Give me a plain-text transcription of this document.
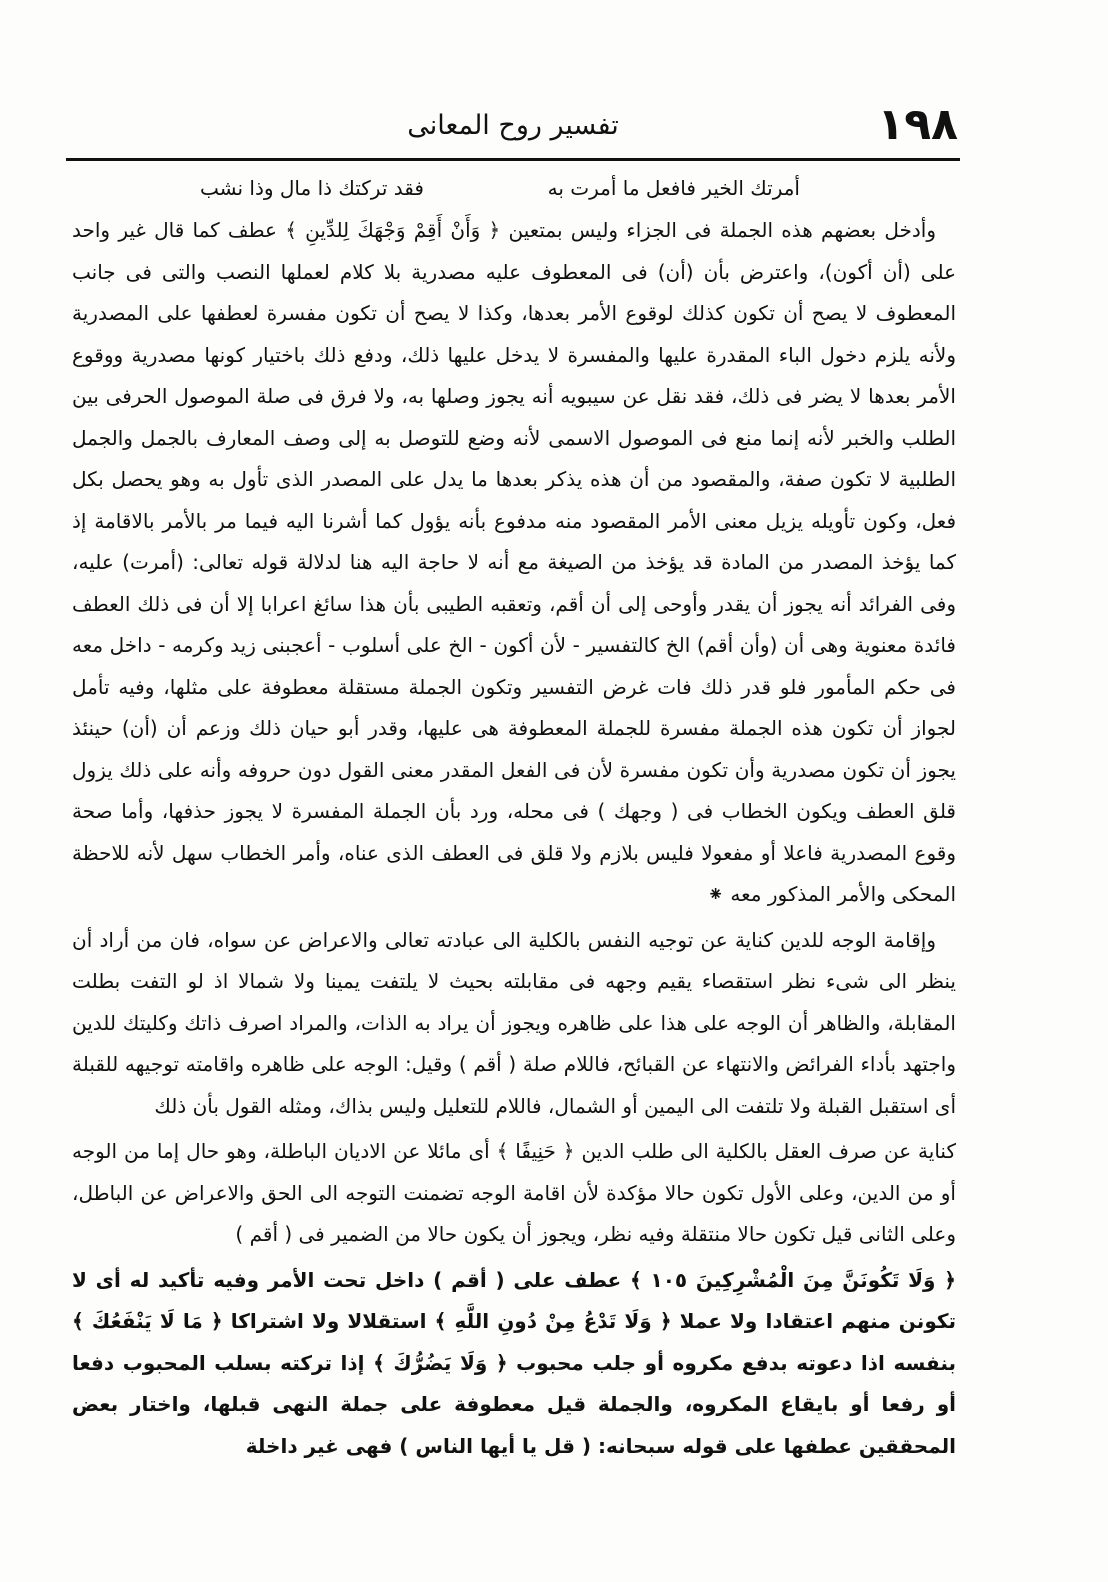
١٩٨
تفسير روح المعانى
أمرتك الخير فافعل ما أمرت به
فقد تركتك ذا مال وذا نشب

وأدخل بعضهم هذه الجملة فى الجزاء وليس بمتعين ﴿ وَأَنْ أَقِمْ وَجْهَكَ لِلدِّينِ ﴾ عطف كما قال غير واحد على (أن أكون)، واعترض بأن (أن) فى المعطوف عليه مصدرية بلا كلام لعملها النصب والتى فى جانب المعطوف لا يصح أن تكون كذلك لوقوع الأمر بعدها، وكذا لا يصح أن تكون مفسرة لعطفها على المصدرية ولأنه يلزم دخول الباء المقدرة عليها والمفسرة لا يدخل عليها ذلك، ودفع ذلك باختيار كونها مصدرية ووقوع الأمر بعدها لا يضر فى ذلك، فقد نقل عن سيبويه أنه يجوز وصلها به، ولا فرق فى صلة الموصول الحرفى بين الطلب والخبر لأنه إنما منع فى الموصول الاسمى لأنه وضع للتوصل به إلى وصف المعارف بالجمل والجمل الطلبية لا تكون صفة، والمقصود من أن هذه يذكر بعدها ما يدل على المصدر الذى تأول به وهو يحصل بكل فعل، وكون تأويله يزيل معنى الأمر المقصود منه مدفوع بأنه يؤول كما أشرنا اليه فيما مر بالأمر بالاقامة إذ كما يؤخذ المصدر من المادة قد يؤخذ من الصيغة مع أنه لا حاجة اليه هنا لدلالة قوله تعالى: (أمرت) عليه، وفى الفرائد أنه يجوز أن يقدر وأوحى إلى أن أقم، وتعقبه الطيبى بأن هذا سائغ اعرابا إلا أن فى ذلك العطف فائدة معنوية وهى أن (وأن أقم) الخ كالتفسير - لأن أكون - الخ على أسلوب - أعجبنى زيد وكرمه - داخل معه فى حكم المأمور فلو قدر ذلك فات غرض التفسير وتكون الجملة مستقلة معطوفة على مثلها، وفيه تأمل لجواز أن تكون هذه الجملة مفسرة للجملة المعطوفة هى عليها، وقدر أبو حيان ذلك وزعم أن (أن) حينئذ يجوز أن تكون مصدرية وأن تكون مفسرة لأن فى الفعل المقدر معنى القول دون حروفه وأنه على ذلك يزول قلق العطف ويكون الخطاب فى ( وجهك ) فى محله، ورد بأن الجملة المفسرة لا يجوز حذفها، وأما صحة وقوع المصدرية فاعلا أو مفعولا فليس بلازم ولا قلق فى العطف الذى عناه، وأمر الخطاب سهل لأنه للاحظة المحكى والأمر المذكور معه ⁕

وإقامة الوجه للدين كناية عن توجيه النفس بالكلية الى عبادته تعالى والاعراض عن سواه، فان من أراد أن ينظر الى شىء نظر استقصاء يقيم وجهه فى مقابلته بحيث لا يلتفت يمينا ولا شمالا اذ لو التفت بطلت المقابلة، والظاهر أن الوجه على هذا على ظاهره ويجوز أن يراد به الذات، والمراد اصرف ذاتك وكليتك للدين واجتهد بأداء الفرائض والانتهاء عن القبائح، فاللام صلة ( أقم ) وقيل: الوجه على ظاهره واقامته توجيهه للقبلة أى استقبل القبلة ولا تلتفت الى اليمين أو الشمال، فاللام للتعليل وليس بذاك، ومثله القول بأن ذلك

كناية عن صرف العقل بالكلية الى طلب الدين ﴿ حَنِيفًا ﴾ أى مائلا عن الاديان الباطلة، وهو حال إما من الوجه أو من الدين، وعلى الأول تكون حالا مؤكدة لأن اقامة الوجه تضمنت التوجه الى الحق والاعراض عن الباطل، وعلى الثانى قيل تكون حالا منتقلة وفيه نظر، ويجوز أن يكون حالا من الضمير فى ( أقم )

﴿ وَلَا تَكُونَنَّ مِنَ الْمُشْرِكِينَ ١٠٥ ﴾ عطف على ( أقم ) داخل تحت الأمر وفيه تأكيد له أى لا تكونن منهم اعتقادا ولا عملا ﴿ وَلَا تَدْعُ مِنْ دُونِ اللَّهِ ﴾ استقلالا ولا اشتراكا ﴿ مَا لَا يَنْفَعُكَ ﴾ بنفسه اذا دعوته بدفع مكروه أو جلب محبوب ﴿ وَلَا يَضُرُّكَ ﴾ إذا تركته بسلب المحبوب دفعا أو رفعا أو بايقاع المكروه، والجملة قيل معطوفة على جملة النهى قبلها، واختار بعض المحققين عطفها على قوله سبحانه: ( قل يا أيها الناس ) فهى غير داخلة
